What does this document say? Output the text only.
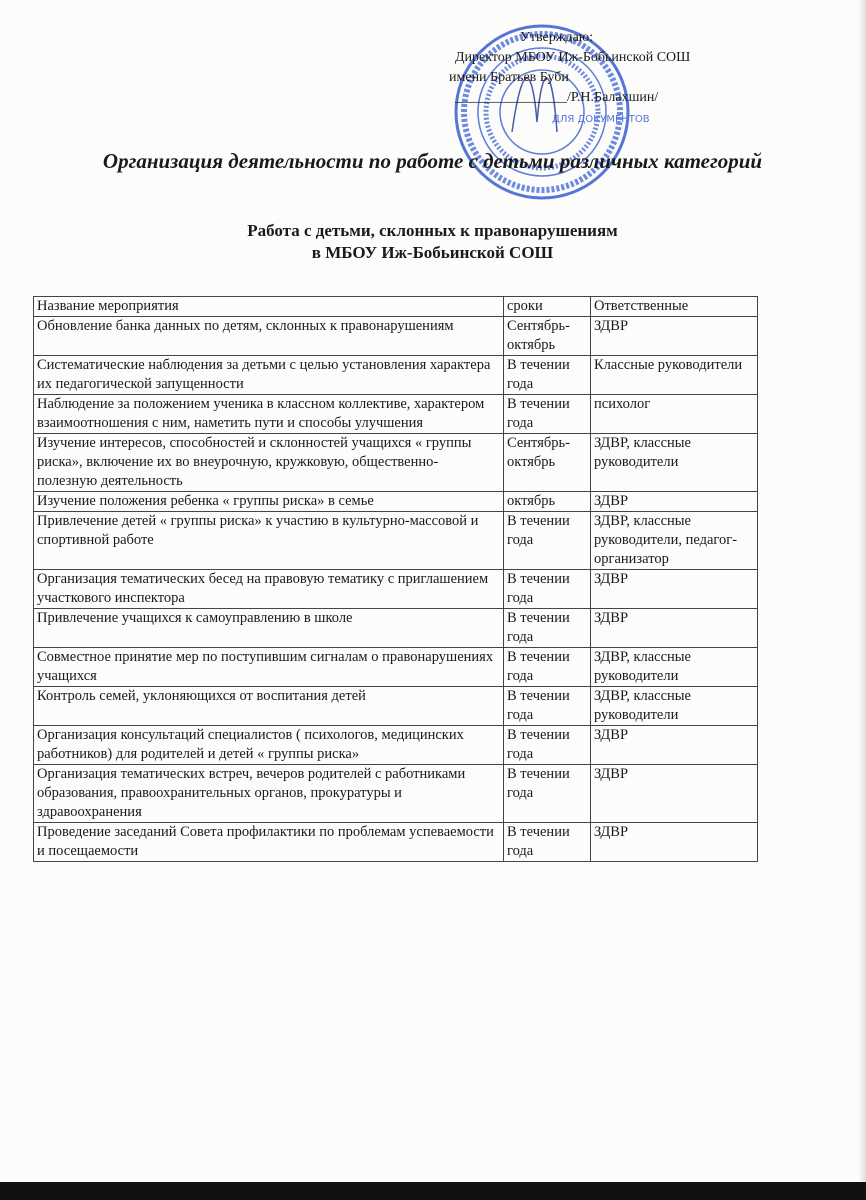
ДЛЯ ДОКУМЕНТОВ
Утверждаю:
Директор МБОУ Иж-Бобьинской СОШ
имени Братьев Буби
________________/Р.Н.Балахшин/
Организация деятельности по работе с детьми различных категорий
Работа с детьми, склонных к правонарушениям
в МБОУ Иж-Бобьинской СОШ
Название мероприятия	сроки	Ответственные
Обновление банка данных по детям, склонных к правонарушениям	Сентябрь-октябрь	ЗДВР
Систематические наблюдения за детьми с целью установления характера их педагогической запущенности	В течении года	Классные руководители
Наблюдение за положением ученика в классном коллективе, характером взаимоотношения с ним, наметить пути и способы улучшения	В течении года	психолог
Изучение интересов, способностей и склонностей учащихся « группы риска», включение их во внеурочную, кружковую, общественно- полезную деятельность	Сентябрь-октябрь	ЗДВР, классные руководители
Изучение положения ребенка « группы риска» в семье	октябрь	ЗДВР
Привлечение детей « группы риска» к участию в культурно-массовой и спортивной работе	В течении года	ЗДВР, классные руководители, педагог- организатор
Организация тематических бесед на правовую тематику с приглашением участкового инспектора	В течении года	ЗДВР
Привлечение учащихся к самоуправлению в школе	В течении года	ЗДВР
Совместное принятие мер по поступившим сигналам о правонарушениях учащихся	В течении года	ЗДВР, классные руководители
Контроль семей, уклоняющихся от воспитания детей	В течении года	ЗДВР, классные руководители
Организация консультаций специалистов ( психологов, медицинских работников) для родителей и детей « группы риска»	В течении года	ЗДВР
Организация тематических встреч, вечеров родителей с работниками образования, правоохранительных органов, прокуратуры и здравоохранения	В течении года	ЗДВР
Проведение заседаний Совета профилактики по проблемам успеваемости и посещаемости	В течении года	ЗДВР
